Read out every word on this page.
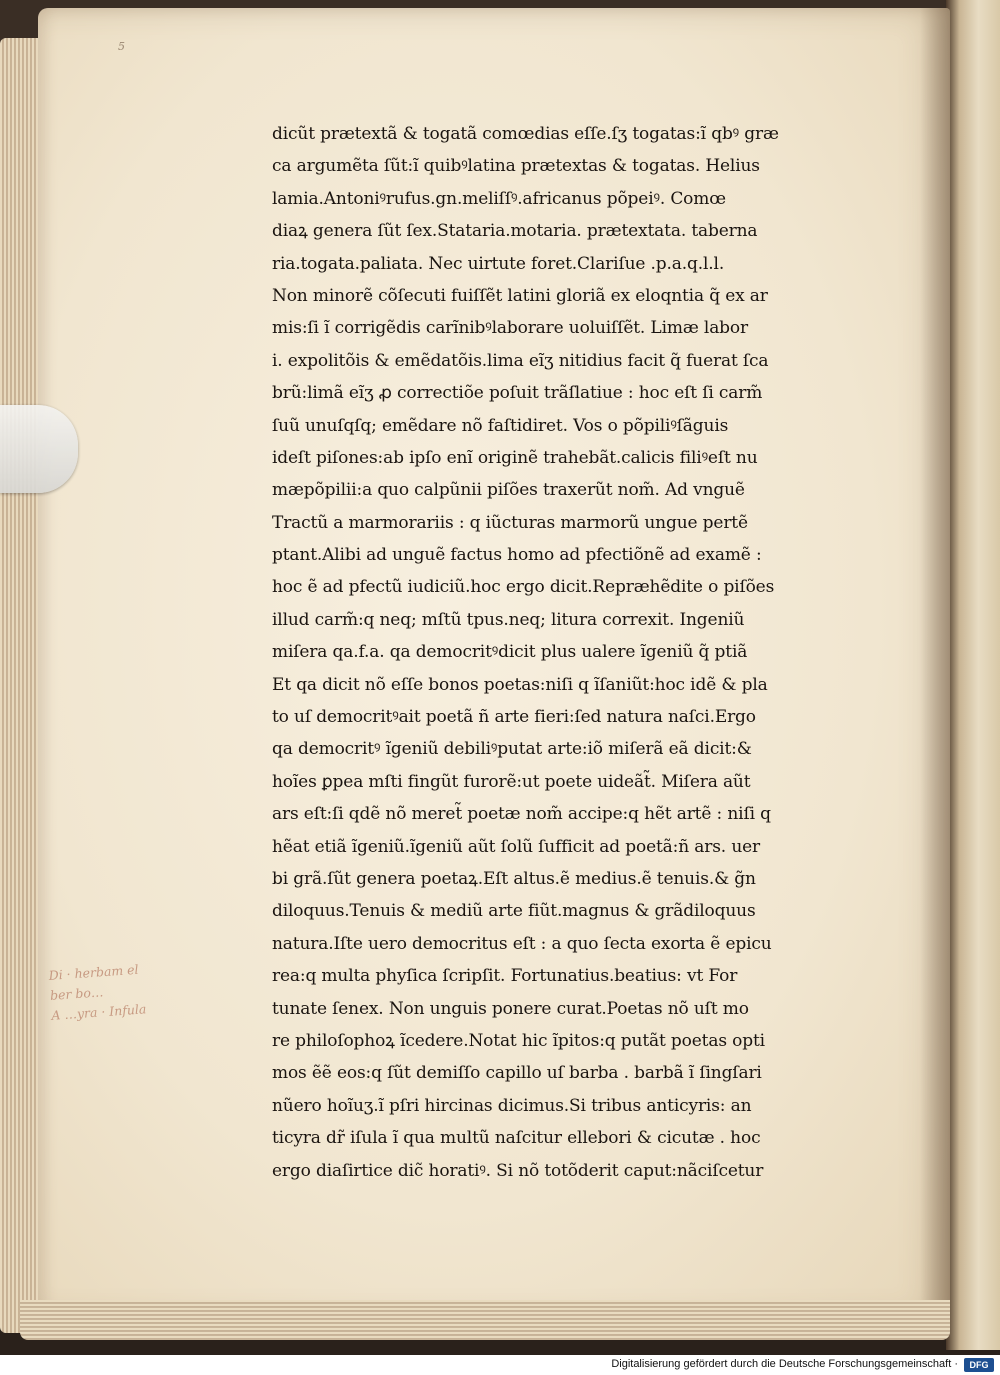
5
dicũt prætextã & togatã comœdias eſſe.ſʒ togatas:ĩ qbꝰ græ
ca argumẽta ſũt:ĩ quibꝰlatina prætextas & togatas. Helius
lamia.Antoniꝰrufus.gn.meliſſꝰ.africanus põpeiꝰ. Comœ
diaꝝ genera ſũt ſex.Stataria.motaria. prætextata. taberna
ria.togata.paliata. Nec uirtute foret.Clariſue .p.a.q.l.l.
Non minorẽ cõſecuti fuiſſẽt latini gloriã ex eloqntia q̃ ex ar
mis:ſi ĩ corrigẽdis carĩnibꝰlaborare uoluiſſẽt. Limæ labor
i. expolitõis & emẽdatõis.lima eĩʒ nitidius facit q̃ fuerat ſca
brũ:limã eĩʒ ꝓ correctiõe poſuit trãſlatiue : hoc eſt ſi carm̃
ſuũ unuſqſq; emẽdare nõ faſtidiret. Vos o põpiliꝰſãguis
ideſt piſones:ab ipſo enĩ originẽ trahebãt.calicis filiꝰeſt nu
mæpõpilii:a quo calpũnii piſões traxerũt nom̃. Ad vnguẽ
Tractũ a marmorariis : q iũcturas marmorũ ungue pertẽ
ptant.Alibi ad unguẽ factus homo ad pfectiõnẽ ad examẽ :
hoc ẽ ad pfectũ iudiciũ.hoc ergo dicit.Repræhẽdite o piſões
illud carm̃:q neq; mſtũ tpus.neq; litura correxit. Ingeniũ
miſera qa.f.a. qa democritꝰdicit plus ualere ĩgeniũ q̃ ptiã
Et qa dicit nõ eſſe bonos poetas:niſi q ĩſaniũt:hoc idẽ & pla
to uſ democritꝰait poetã ñ arte fieri:ſed natura naſci.Ergo
qa democritꝰ ĩgeniũ debiliꝰputat arte:iõ miſerã eã dicit:&
hoĩes ꝑpea mſti fingũt furorẽ:ut poete uideãt̃. Miſera aũt
ars eſt:ſi qdẽ nõ meret̃ poetæ nom̃ accipe:q hẽt artẽ : niſi q
hẽat etiã ĩgeniũ.ĩgeniũ aũt ſolũ ſufficit ad poetã:ñ ars. uer
bi grã.ſũt genera poetaꝝ.Eſt altus.ẽ medius.ẽ tenuis.& g̃n
diloquus.Tenuis & mediũ arte fiũt.magnus & grãdiloquus
natura.Iſte uero democritus eſt : a quo ſecta exorta ẽ epicu
rea:q multa phyſica ſcripſit. Fortunatius.beatius: vt For
tunate ſenex. Non unguis ponere curat.Poetas nõ uſt mo
re philoſophoꝝ ĩcedere.Notat hic ĩpitos:q putãt poetas opti
mos ẽẽ eos:q ſũt demiſſo capillo uſ barba . barbã ĩ ſingſari
nũero hoĩuʒ.ĩ pſri hircinas dicimus.Si tribus anticyris: an
ticyra dr̃ iſula ĩ qua multũ naſcitur ellebori & cicutæ . hoc
ergo diaſirtice dic̃ horatiꝰ. Si nõ totõderit caput:nãciſcetur
Di · herbam el
ber bo…
A …yra · Infula
Digitalisierung gefördert durch die Deutsche Forschungsgemeinschaft ·	DFG
